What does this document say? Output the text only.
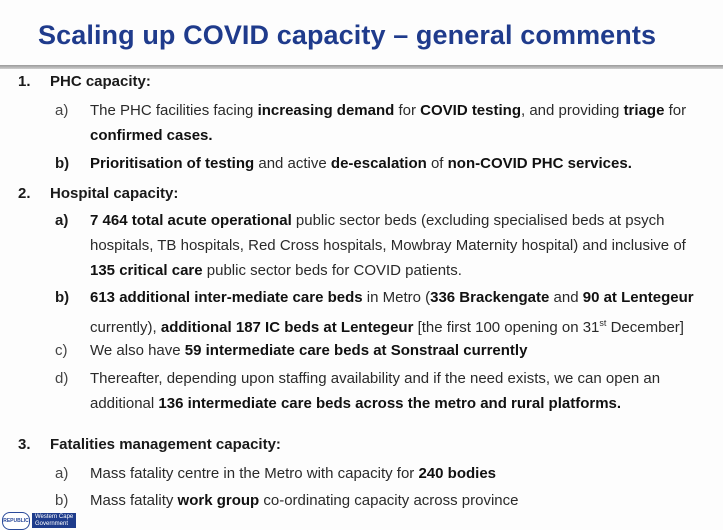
Scaling up COVID capacity – general comments
1. PHC capacity:
a) The PHC facilities facing increasing demand for COVID testing, and providing triage for
confirmed cases.
b) Prioritisation of testing and active de-escalation of non-COVID PHC services.
2. Hospital capacity:
a) 7 464 total acute operational public sector beds (excluding specialised beds at psych
hospitals, TB hospitals, Red Cross hospitals, Mowbray Maternity hospital) and inclusive of
135 critical care public sector beds for COVID patients.
b) 613 additional inter-mediate care beds in Metro (336 Brackengate and 90 at Lentegeur
currently), additional 187 IC beds at Lentegeur [the first 100 opening on 31st December]
c) We also have 59 intermediate care beds at Sonstraal currently
d) Thereafter, depending upon staffing availability and if the need exists, we can open an
additional 136 intermediate care beds across the metro and rural platforms.
3. Fatalities management capacity:
a) Mass fatality centre in the Metro with capacity for 240 bodies
b) Mass fatality work group co-ordinating capacity across province
REPUBLIC
Western Cape
Government
